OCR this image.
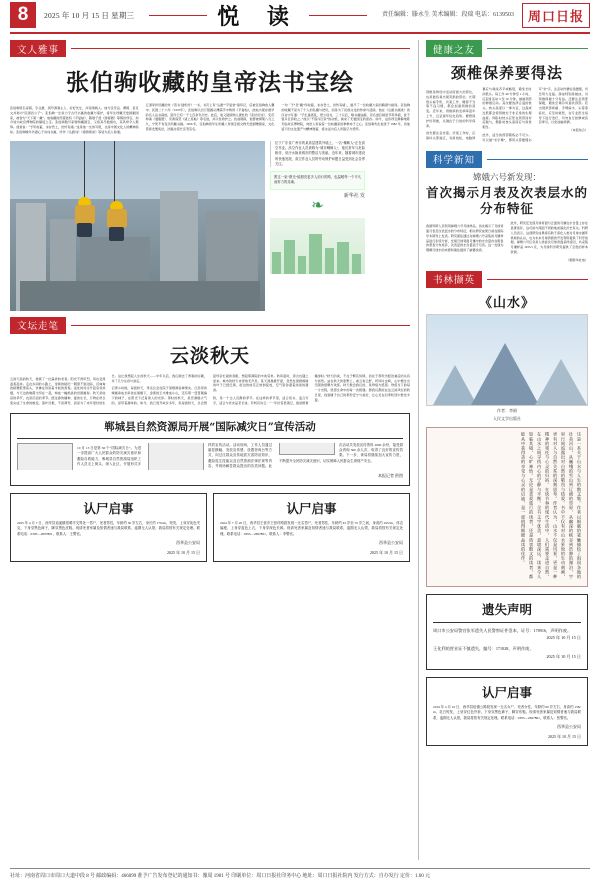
8	2025 年 10 月 15 日 星期三	悦 读	责任编辑：滕永生 美术编辑：段瑞 电话：6139503	周口日报
文人雅事
张伯驹收藏的皇帝法书宝绘

张伯驹原名家骐，字丛碧，别号游春主人、好好先生，河南项城人。他与张学良、溥侗、袁克文并称为“民国四公子”。张伯驹一生致力于古代书画的收藏与保护，将毕生珍藏无偿捐献国家，被誉为“天下第一藏”。他收藏的西晋陆机《平复帖》、隋展子虔《游春图》等稀世珍宝，如今皆为故宫博物院的镇馆之宝。张伯驹散尽家财购藏国宝，又将其尽数捐出，其风骨令人敬仰。他常说：“予所收蓄，永存吾土，世传有绪。”这是他一生的写照，也是中国文化人的精神高标。张伯驹晚年仍潜心于诗词书画，所作《丛碧词》《春游琐谈》等皆为后人称道。

五清李祥旧藏的朱《晋书·陆机传》一书，书页上有“丛碧”“平复堂”诸印记，后被张伯驹收入囊中。民国二十六年（1937年），张伯驹以四万银圆从溥儒手中购得《平复帖》，此帖为现存最早的名人法书真迹，距今已有一千七百余年历史。此后，他又陆续购入唐杜牧《张好好诗》、宋范仲淹《道服赞》、宋黄庭坚《诸上座帖》等名迹，并以性命护之。抗战期间，他曾被绑架八月之久，宁死不肯变卖所藏书画。1956 年，张伯驹将毕生所藏八件国宝级文物无偿捐赠国家，文化部颁发褒奖状，沈雁冰部长亲笔签名。

一句「予”及“藏”所收蓄，永存吾土，世传有绪」，道尽了一位收藏大家的胸襟与格局。张伯驹的收藏不是为了个人的私藏与把玩，而是为了民族文化的传承与延续。他在《丛碧书画录》的序言中写道：“予生逢离乱，恨少读书，三十以后，嗜书画成癖，见名迹巨制虽节用举债，犹不惜斥巨资收之。”他以“不惜斥巨资”的决绝，换来了无数国宝的留存。如今，这些珍宝静静地陈列在故宫博物院，向世人诉说着一位收藏家的拳拳赤子之心。张伯驹先生逝世于 1982 年，但他留下的文化遗产与精神财富，将永远为后人所铭记与感怀。

位于广东省广州市的某高层建筑外墙上，一名“蜘蛛人”正在高空作业。高空作业人员被称为“城市蜘蛛人”，他们常年与危险相伴，用汗水换来城市的整洁与美丽。近年来，随着城市建设的快速发展，高空作业人员的劳动保护问题日益受到社会各界关注。
愿这一束“微光”能照亮更多人前行的路，也温暖每一个平凡而努力的灵魂。
新华社 发
❧
文坛走笔
云淡秋天

云淡天高的秋天，像极了一位慈祥的老者。阳光不再炽烈，风也变得温柔起来。走在乡间的小路上，金黄的稻田一眼望不到边际，沉甸甸的稻穗低垂着头，仿佛在诉说着丰收的喜悦。远处的村庄升起袅袅炊烟，与天边的晚霞交织在一起，构成一幅绝美的田园画卷。秋天是收获的季节，也是沉淀的季节。经过春的播种、夏的生长，万物在秋日里完成了生命的蜕变。落叶归根，不是凋零，而是为了来年更好的生长。这让我想起人生的秋天——中年以后，我们褪去了青春的浮躁，多了几分从容与淡定。

记得小时候，每到秋天，母亲总会在院子里晒满各种果实。红彤彤的辣椒串成长串挂在屋檐下，金黄的玉米堆成小山，还有那一筐筐刚摘下的柿子，在阳光下泛着诱人的光泽。那时的秋天，是充满烟火气的，是带着甜味的。如今，我已离开故乡多年，但每到秋天，总会想起母亲忙碌的身影，想起那满院的丰收景象。秋风起时，思念也随之而来。城市的秋天来得悄无声息。某天清晨推开窗，忽然发现梧桐树的叶子已经泛黄，街边的桂花正悄悄绽放，空气里弥漫着淡淡的甜香。

秋，是一个让人沉静的季节。在这样的季节里，适合读书，适合写字，适合与老友品茗长谈。苏轼有诗云：“一年好景君须记，最是橙黄橘绿时。”秋天的美，不在于繁花似锦，而在于那份历经沧桑后的从容与淡然。站在秋天的原野上，看云卷云舒，听风吟虫鸣，心中便生出无限的感慨与欢喜。秋天教会我们的，是珍惜与感恩。珍惜当下的每一寸光阴，感恩生命中的每一次相遇。愿我们都能在这云淡风轻的秋日里，找到属于自己的那份安宁与美好，让心灵在四季轮回中愈发丰盈。

郸城县自然资源局开展“国际减灾日”宣传活动

10 月 13 日是第 36 个“国际减灾日”。为进一步提高广大人民群众的防灾减灾意识和避险自救能力，郸城县自然资源局组织工作人员走上街头、深入社区，开展形式多样的宣传活动。活动现场，工作人员通过悬挂横幅、发放宣传册、设置咨询台等方式，向过往群众宣传地质灾害防治知识、避险逃生技能以及自然资源法律法规等内容，并现场解答群众提出的各类问题。此次活动共发放宣传资料 2000 余份，接受群众咨询 300 余人次，取得了良好的宣传效果。下一步，该局将继续加大宣传力度，不断提升全民防灾减灾意识，切实保障人民群众生命财产安全。

本报记者 供图
认尸启事

2025 年 4 月 7 日，西华县逍遥镇招聘平交界处一男尸，死者男性，年龄约 50 岁左右，身长约 170cm，短发，上身穿灰色夹克，下身穿黑色裤子，脚穿黑色皮鞋。现请死者家属及知情者速与我局联系，逾期无人认领，我局将按有关规定处理。联系电话：0395—2697861，联系人：王警官。

西华县公安局
2025 年 10 月 15 日
认尸启事

2024 年 7 月 20 日，西华县王营乡王营村路段发现一无名男尸，死者男性，年龄约 45 岁至 55 岁之间，身高约 165cm，体态偏瘦，上身穿蓝色上衣，下身穿深色长裤。现请死者家属及知情者速与我局联系，逾期无人认领，我局将按有关规定处理。联系电话：0395—2697861，联系人：李警官。

西华县公安局
2025 年 10 月 15 日
健康之友
颈椎保养要得法

颈椎是脊柱中活动度最大的部位，也是最容易出现劳损的部位。长期低头看手机、伏案工作、睡姿不当等不良习惯，都会加速颈椎的退变。近年来，颈椎病的发病率逐年上升，且呈现年轻化趋势。要想保护好颈椎，关键在于日常的科学保养。

首先要注意坐姿。伏案工作时，应保持头部端正，双肩放松，电脑屏幕应与视线齐平或略低，避免长时间低头。每工作 40 分钟至 1 小时，应起身活动 5 至 10 分钟，做做颈部的伸展运动。其次要选择合适的枕头。枕头高度以一拳为宜，过高或过低都会使颈椎处于非正常的生理曲度。仰卧时枕头应垫在颈部而非后脑勺，侧卧时枕头高度应与肩宽相当。

此外，适当的颈部锻炼必不可少。可以做“米字操”，即用头部缓慢书写“米”字，注意动作要轻柔缓慢，切忌用力过猛。游泳特别是蛙泳，对颈椎保健十分有益。还要注意颈部保暖，避免空调冷风直吹颈部。若出现颈部疼痛、手臂麻木、头晕等症状，应及时就医，在专业医生指导下进行治疗，切勿自行按摩或盲目牵引，以免加重病情。

（本报综合）

科学新知
嫦娥六号新发现：
首次揭示月表及次表层水的分布特征

我国科研人员利用嫦娥六号月球样品，首次揭示了月球背面月表及次表层水的分布特征，相关研究成果日前在国际学术期刊上发表。研究团队通过对嫦娥六号采集的月壤样品进行系统分析，发现月球背面月壤中的水含量存在明显的垂直分布差异，次表层的水含量高于月表。这一发现为理解月球水的来源和演化提供了重要线索。

此外，研究还发现月球背面与正面的月壤在水含量上存在显著差异，这可能与两面不同的地质演化历史有关。科研人员表示，这项研究成果将有助于深化人类对月球水循环机制的认识，也为未来月球资源的开发利用提供了科学依据。嫦娥六号任务是人类首次月球背面采样返回，共采集月壤样品 1935.3 克，为月球科学研究提供了宝贵的样本资源。

（据新华社电）

书林撷英
《山水》
作者：李娟
人民文学出版社
这是一本关于山水与人生的散文集。作者以细腻的笔触描绘了祖国各地的壮美河山，从巍峨的雪山到辽阔的草原，从幽深的峡谷到浩渺的湖泊，字里行间流露出对自然的敬畏与热爱。书中不仅有对山水景致的生动刻画，更有对人与自然关系的深刻思考。作者认为，山水不仅是风景，更是一种精神的寄托与心灵的归宿。在快节奏的现代生活中，人们需要走进自然，在山水之间寻找内心的宁静与平衡。全书文字优美，意境深远，读来令人如临其境，心旷神怡。无论是喜爱旅行的读者，还是热衷散文的读者，都能从中获得美的享受与心灵的启迪，是一部值得细细品读的佳作。
遗失声明
周口市公安局警官张军遗失人民警察证件壹本，证号：170916，声明作废。
2025 年 10 月 15 日
王化利的营业证不慎遗失，编号：171028，声明作废。
2025 年 10 月 15 日
认尸启事

2019 年 4 月 10 日，西华县址镇公路段发现一无名女尸，死者女性，年龄约 60 岁左右，身高约 158cm，花白短发，上身穿红色外套，下身穿黑色裤子，脚穿布鞋。现请死者家属及知情者速与我局联系，逾期无人认领，我局将按有关规定处理。联系电话：0395—2697861，联系人：张警官。

西华县公安局
2025 年 10 月 15 日
社址：河南省周口市周口大道中段 8 号 邮政编码：466099 准予广告发布登记的通知书：豫周 1901 号 印刷单位：周口日报社印务中心 地址：周口日报社院内 发行方式：自办发行 定价：1.60 元
